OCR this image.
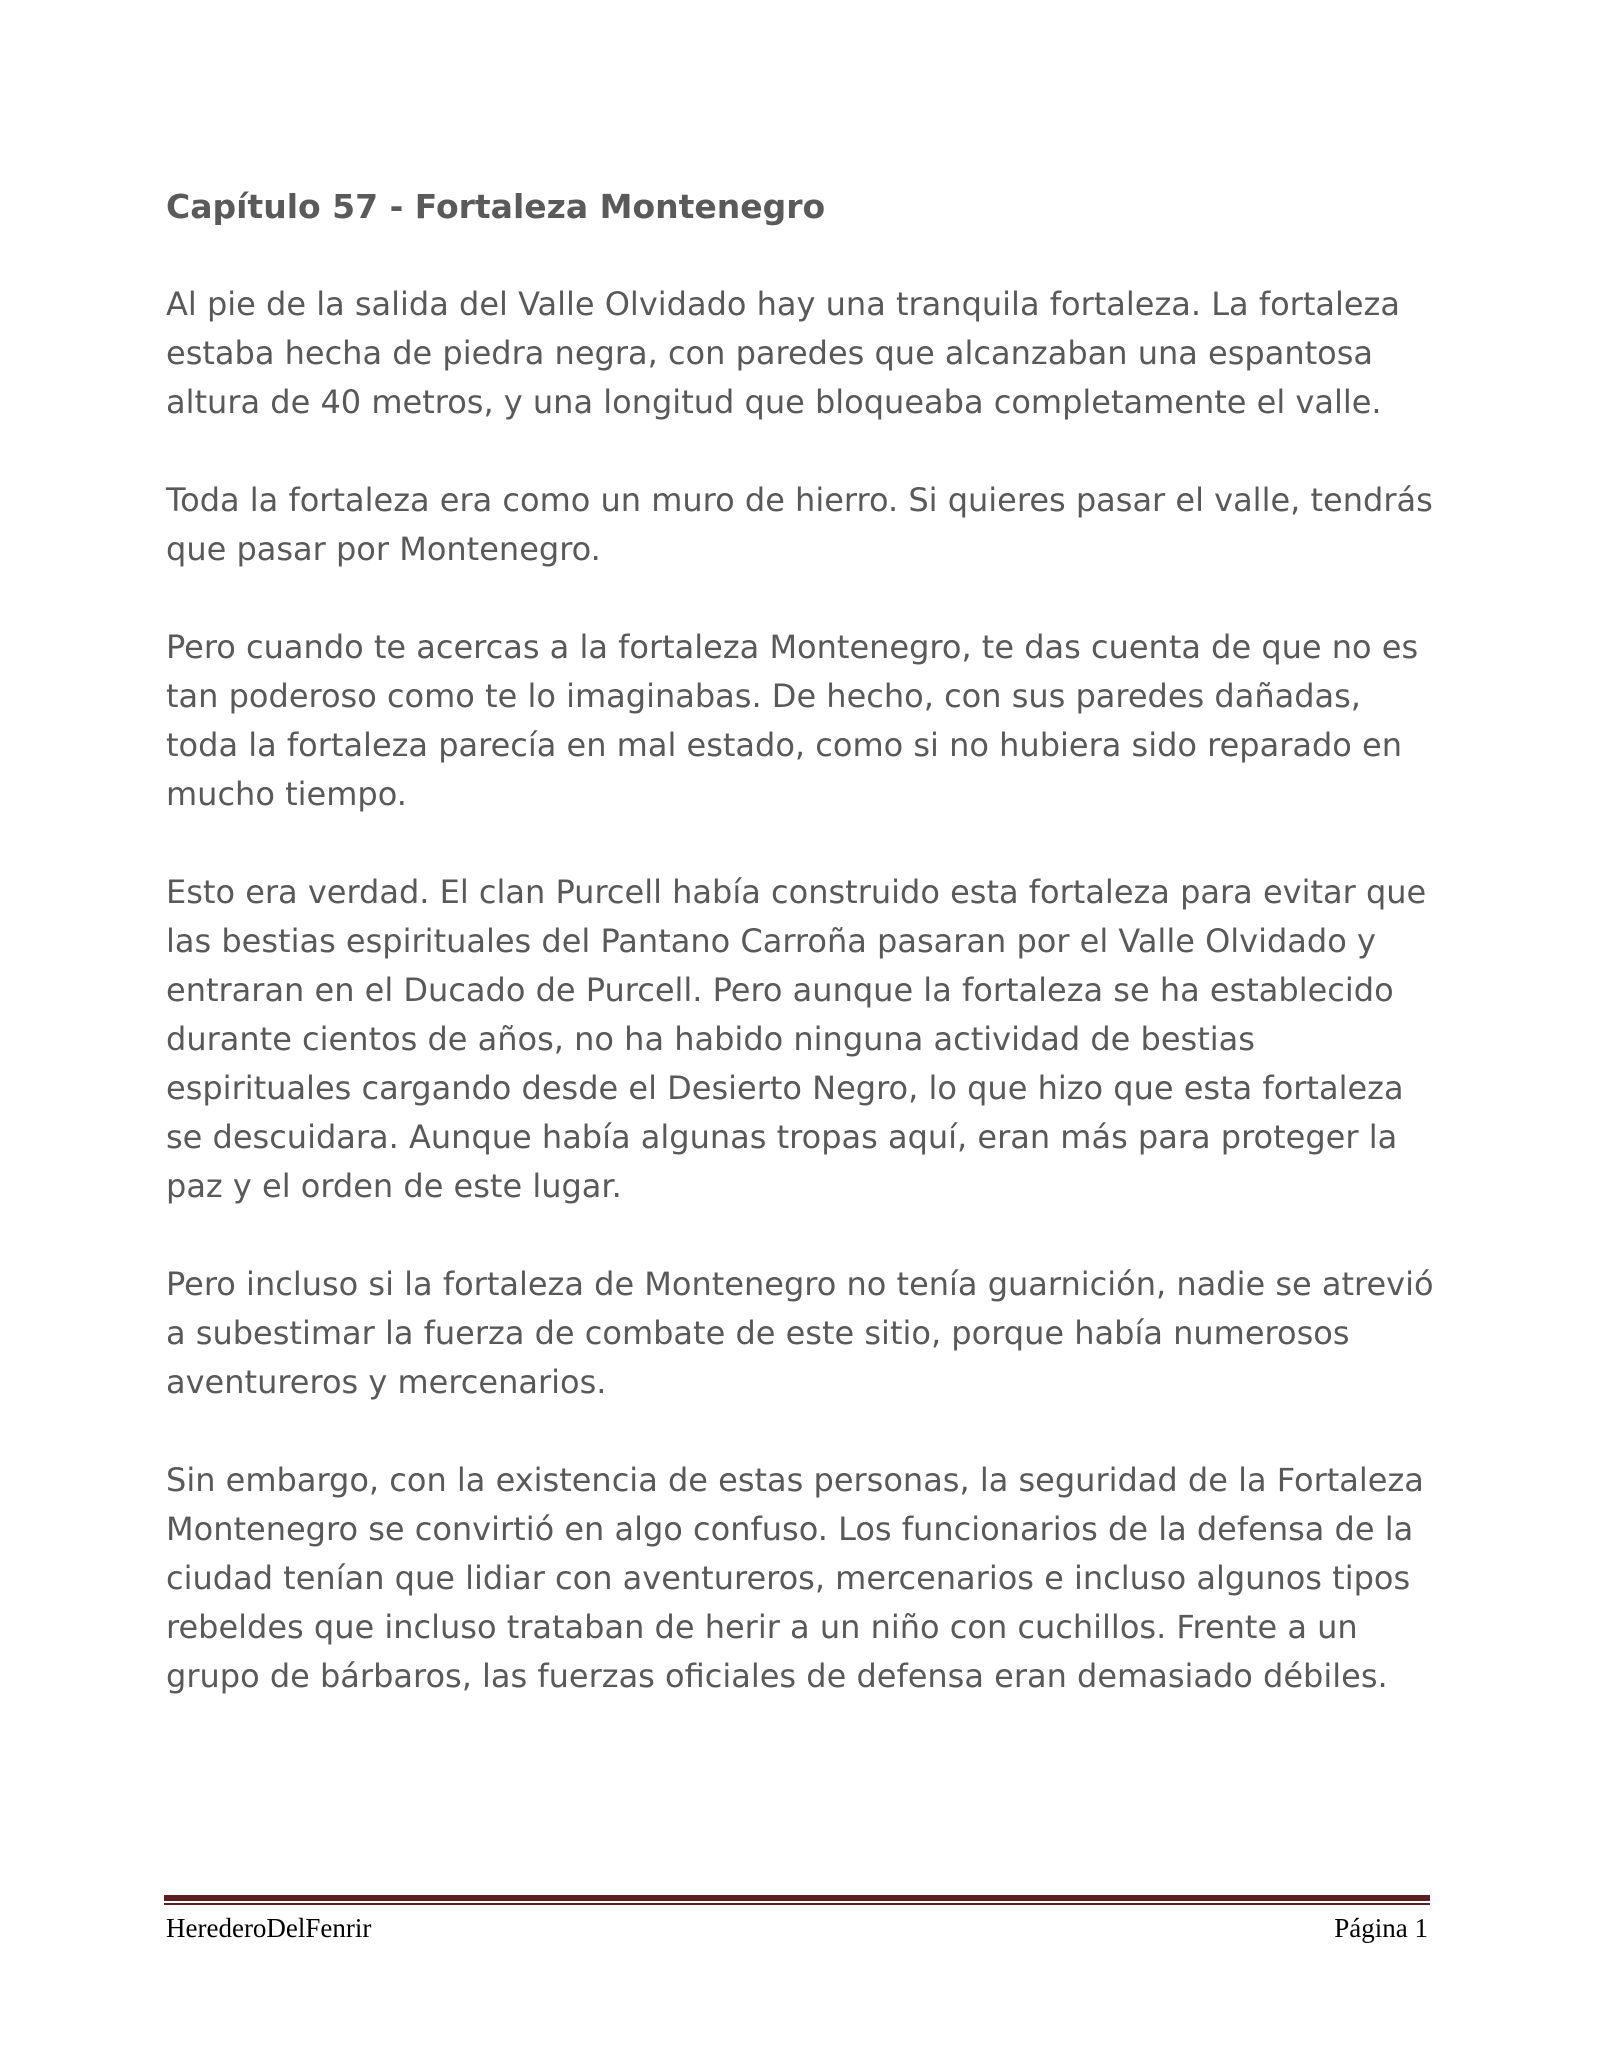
Capítulo 57 - Fortaleza Montenegro

Al pie de la salida del Valle Olvidado hay una tranquila fortaleza. La fortaleza estaba hecha de piedra negra, con paredes que alcanzaban una espantosa altura de 40 metros, y una longitud que bloqueaba completamente el valle.

Toda la fortaleza era como un muro de hierro. Si quieres pasar el valle, tendrás que pasar por Montenegro.

Pero cuando te acercas a la fortaleza Montenegro, te das cuenta de que no es tan poderoso como te lo imaginabas. De hecho, con sus paredes dañadas, toda la fortaleza parecía en mal estado, como si no hubiera sido reparado en mucho tiempo.

Esto era verdad. El clan Purcell había construido esta fortaleza para evitar que las bestias espirituales del Pantano Carroña pasaran por el Valle Olvidado y entraran en el Ducado de Purcell. Pero aunque la fortaleza se ha establecido durante cientos de años, no ha habido ninguna actividad de bestias espirituales cargando desde el Desierto Negro, lo que hizo que esta fortaleza se descuidara. Aunque había algunas tropas aquí, eran más para proteger la paz y el orden de este lugar.

Pero incluso si la fortaleza de Montenegro no tenía guarnición, nadie se atrevió a subestimar la fuerza de combate de este sitio, porque había numerosos aventureros y mercenarios.

Sin embargo, con la existencia de estas personas, la seguridad de la Fortaleza Montenegro se convirtió en algo confuso. Los funcionarios de la defensa de la ciudad tenían que lidiar con aventureros, mercenarios e incluso algunos tipos rebeldes que incluso trataban de herir a un niño con cuchillos. Frente a un grupo de bárbaros, las fuerzas oficiales de defensa eran demasiado débiles.

HerederoDelFenrir	Página 1
